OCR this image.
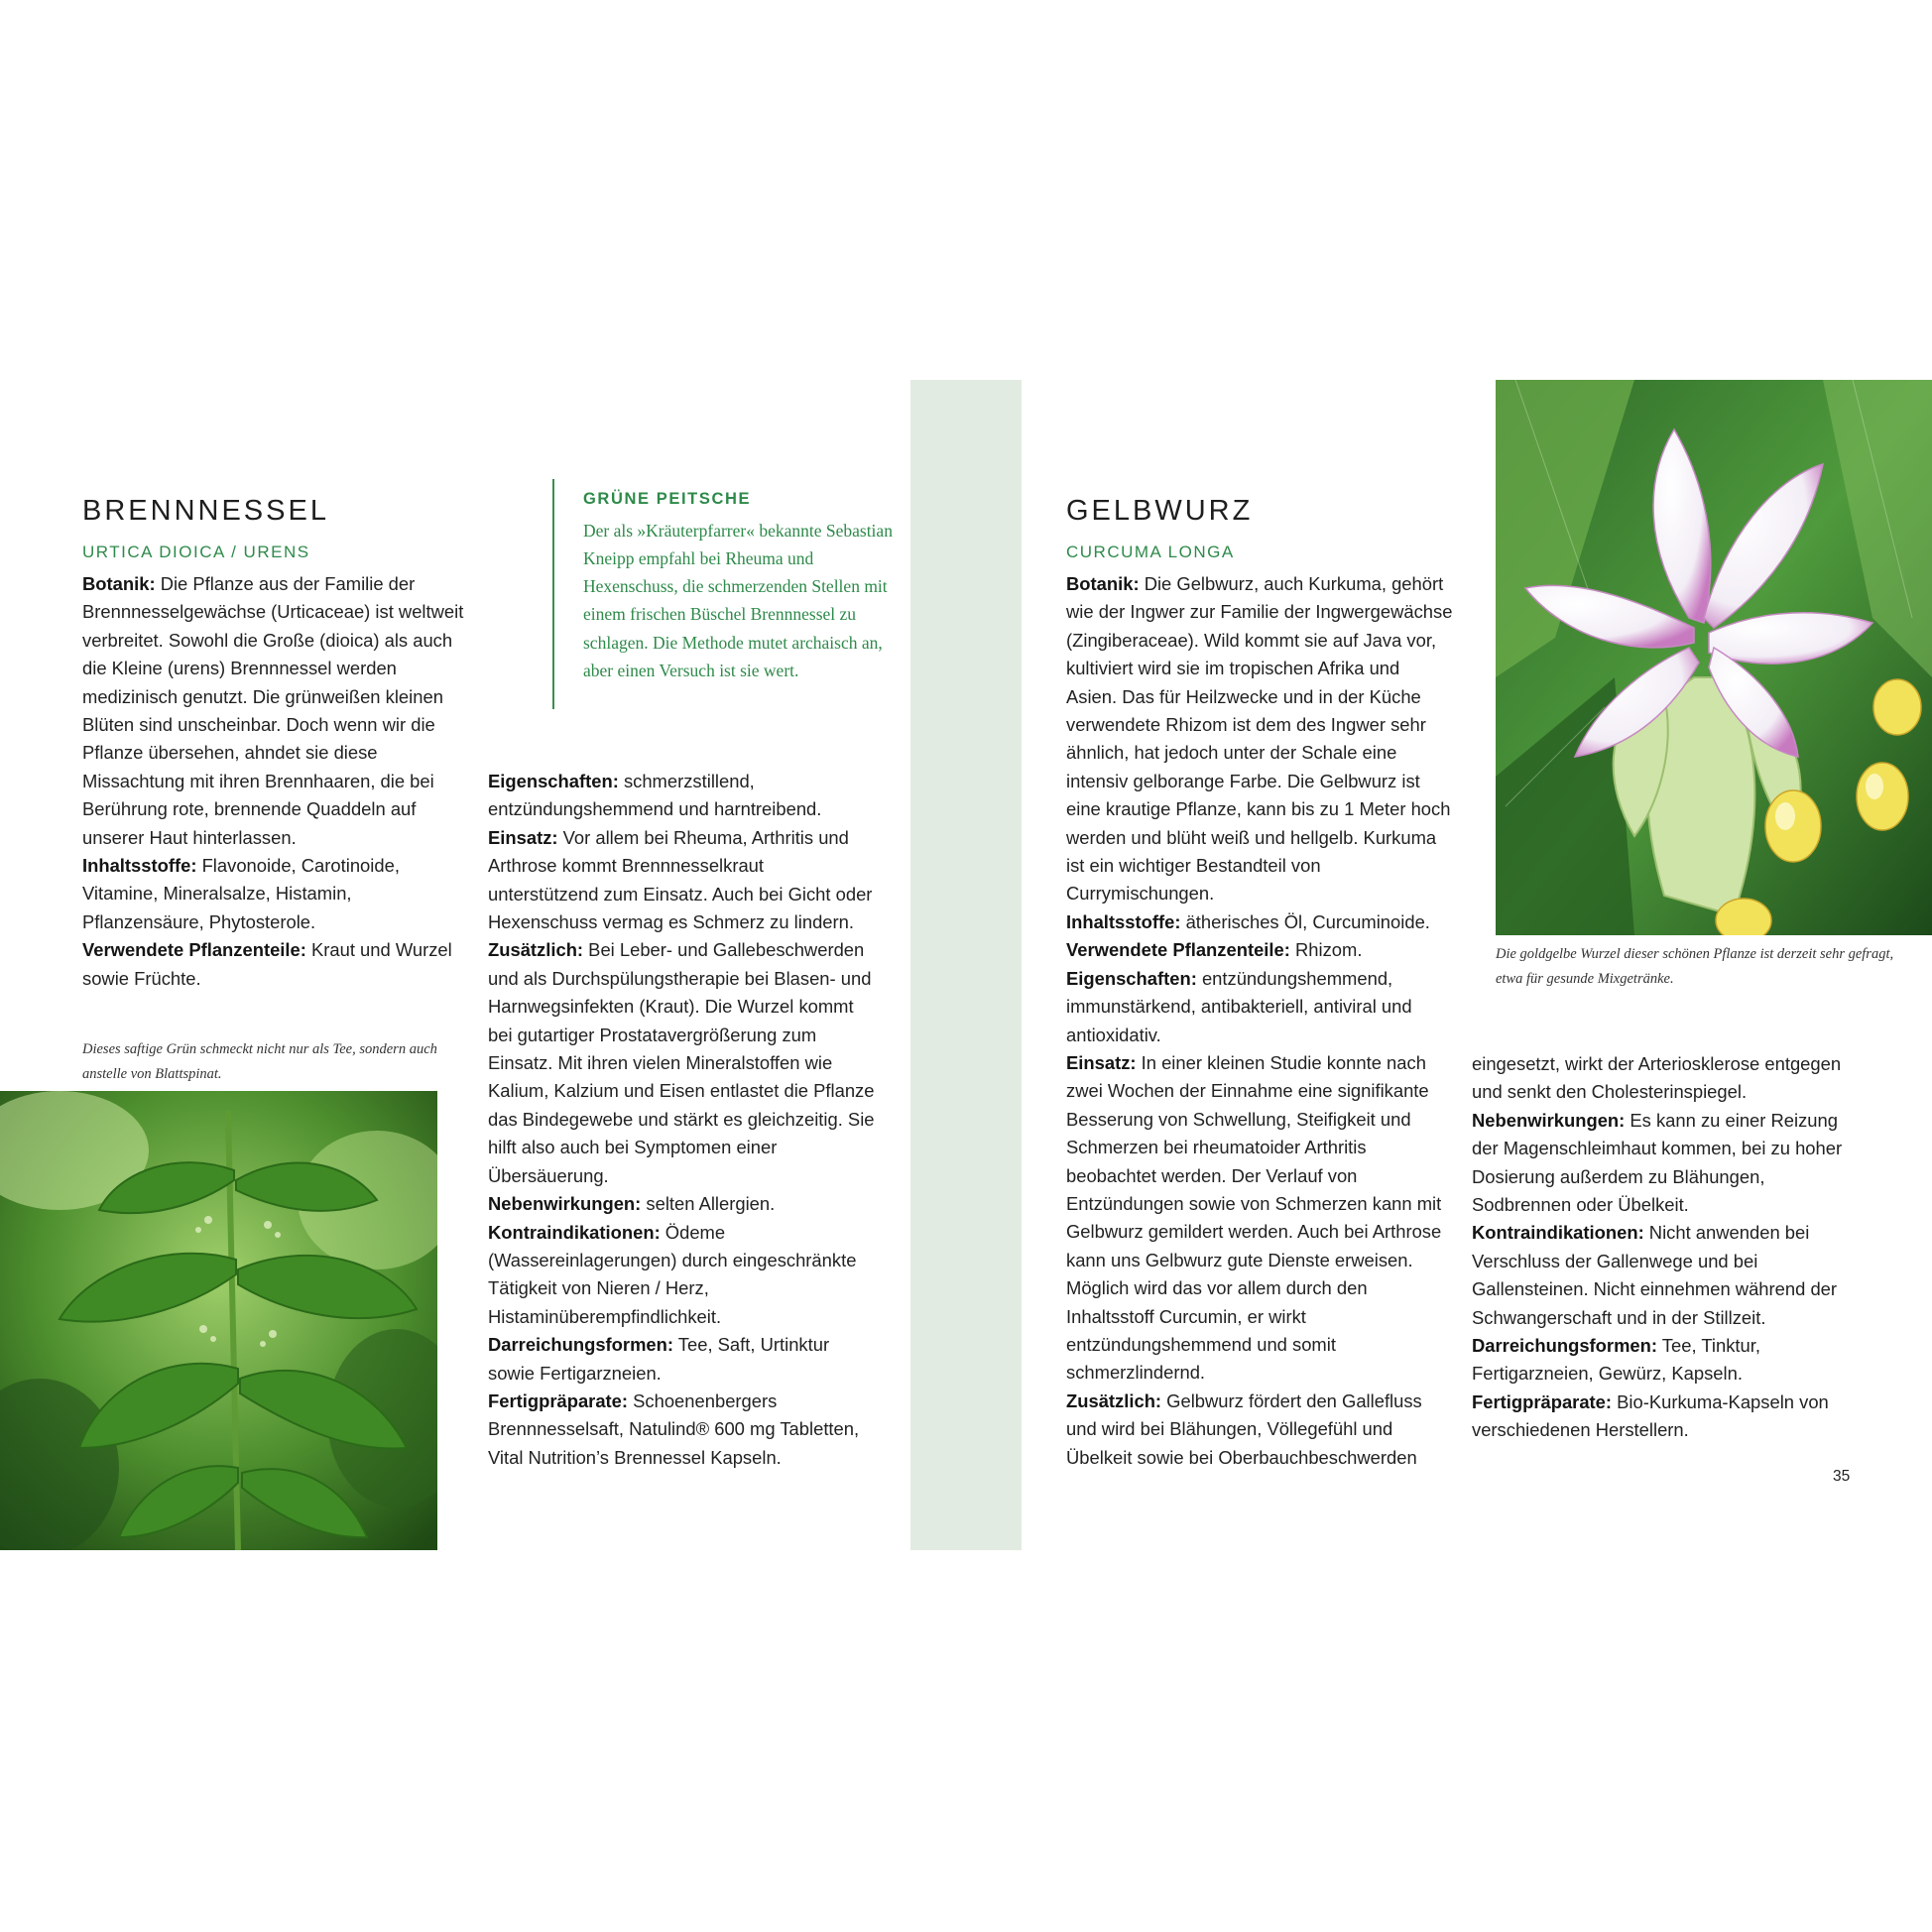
BRENNNESSEL
URTICA DIOICA / URENS

Botanik: Die Pflanze aus der Familie der Brennnesselgewächse (Urticaceae) ist weltweit verbreitet. Sowohl die Große (dioica) als auch die Kleine (urens) Brennnessel werden medizinisch genutzt. Die grünweißen kleinen Blüten sind unscheinbar. Doch wenn wir die Pflanze übersehen, ahndet sie diese Missachtung mit ihren Brennhaaren, die bei Berührung rote, brennende Quaddeln auf unserer Haut hinterlassen.

Inhaltsstoffe: Flavonoide, Carotinoide, Vitamine, Mineralsalze, Histamin, Pflanzensäure, Phytosterole.

Verwendete Pflanzenteile: Kraut und Wurzel sowie Früchte.

GRÜNE PEITSCHE
Der als »Kräuterpfarrer« bekannte Sebastian Kneipp empfahl bei Rheuma und Hexenschuss, die schmerzenden Stellen mit einem frischen Büschel Brennnessel zu schlagen. Die Methode mutet archaisch an, aber einen Versuch ist sie wert.

Eigenschaften: schmerzstillend, entzündungshemmend und harntreibend.

Einsatz: Vor allem bei Rheuma, Arthritis und Arthrose kommt Brennnesselkraut unterstützend zum Einsatz. Auch bei Gicht oder Hexenschuss vermag es Schmerz zu lindern.

Zusätzlich: Bei Leber- und Gallebeschwerden und als Durchspülungstherapie bei Blasen- und Harnwegsinfekten (Kraut). Die Wurzel kommt bei gutartiger Prostatavergrößerung zum Einsatz. Mit ihren vielen Mineralstoffen wie Kalium, Kalzium und Eisen entlastet die Pflanze das Bindegewebe und stärkt es gleichzeitig. Sie hilft also auch bei Symptomen einer Übersäuerung.

Nebenwirkungen: selten Allergien.

Kontraindikationen: Ödeme (Wassereinlagerungen) durch eingeschränkte Tätigkeit von Nieren / Herz, Histaminüberempfindlichkeit.

Darreichungsformen: Tee, Saft, Urtinktur sowie Fertigarzneien.

Fertigpräparate: Schoenenbergers Brennnesselsaft, Natulind® 600 mg Tabletten, Vital Nutrition’s Brennessel Kapseln.

Dieses saftige Grün schmeckt nicht nur als Tee, sondern auch anstelle von Blattspinat.
GELBWURZ
CURCUMA LONGA

Botanik: Die Gelbwurz, auch Kurkuma, gehört wie der Ingwer zur Familie der Ingwergewächse (Zingiberaceae). Wild kommt sie auf Java vor, kultiviert wird sie im tropischen Afrika und Asien. Das für Heilzwecke und in der Küche verwendete Rhizom ist dem des Ingwer sehr ähnlich, hat jedoch unter der Schale eine intensiv gelborange Farbe. Die Gelbwurz ist eine krautige Pflanze, kann bis zu 1 Meter hoch werden und blüht weiß und hellgelb. Kurkuma ist ein wichtiger Bestandteil von Currymischungen.

Inhaltsstoffe: ätherisches Öl, Curcuminoide.

Verwendete Pflanzenteile: Rhizom.

Eigenschaften: entzündungshemmend, immunstärkend, antibakteriell, antiviral und antioxidativ.

Einsatz: In einer kleinen Studie konnte nach zwei Wochen der Einnahme eine signifikante Besserung von Schwellung, Steifigkeit und Schmerzen bei rheumatoider Arthritis beobachtet werden. Der Verlauf von Entzündungen sowie von Schmerzen kann mit Gelbwurz gemildert werden. Auch bei Arthrose kann uns Gelbwurz gute Dienste erweisen. Möglich wird das vor allem durch den Inhaltsstoff Curcumin, er wirkt entzündungshemmend und somit schmerzlindernd.

Zusätzlich: Gelbwurz fördert den Gallefluss und wird bei Blähungen, Völlegefühl und Übelkeit sowie bei Oberbauchbeschwerden

Die goldgelbe Wurzel dieser schönen Pflanze ist derzeit sehr gefragt, etwa für gesunde Mixgetränke.

eingesetzt, wirkt der Arteriosklerose entgegen und senkt den Cholesterinspiegel.

Nebenwirkungen: Es kann zu einer Reizung der Magenschleimhaut kommen, bei zu hoher Dosierung außerdem zu Blähungen, Sodbrennen oder Übelkeit.

Kontraindikationen: Nicht anwenden bei Verschluss der Gallenwege und bei Gallensteinen. Nicht einnehmen während der Schwangerschaft und in der Stillzeit.

Darreichungsformen: Tee, Tinktur, Fertigarzneien, Gewürz, Kapseln.

Fertigpräparate: Bio-Kurkuma-Kapseln von verschiedenen Herstellern.

35
